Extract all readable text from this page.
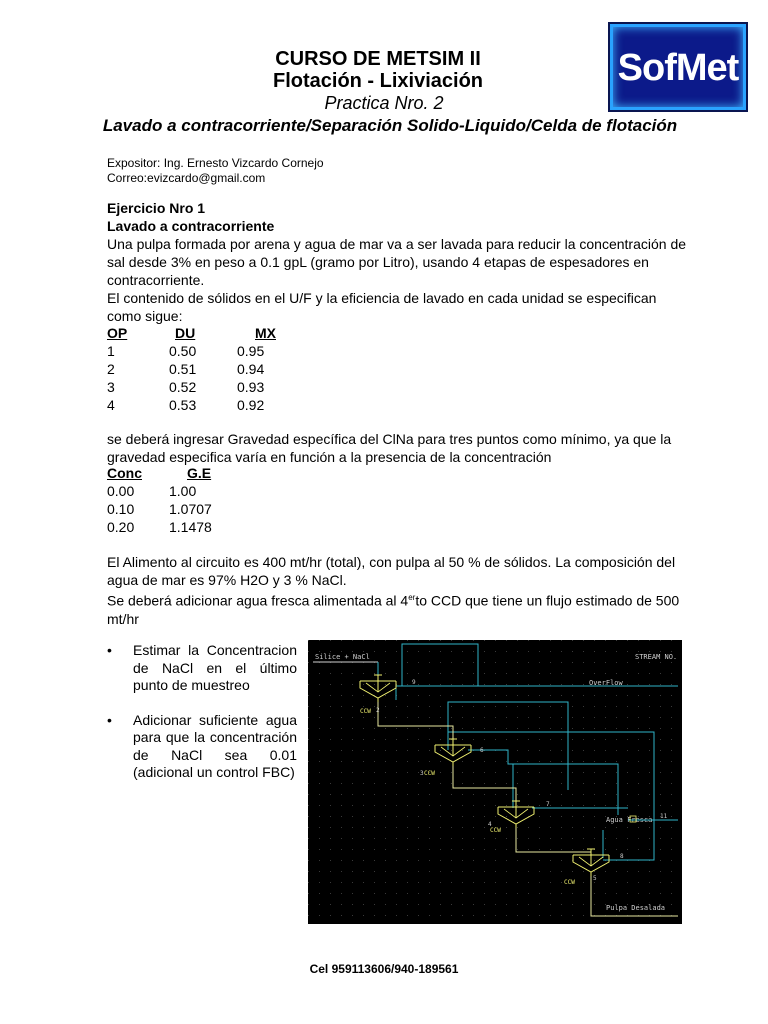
CURSO DE METSIM II
Flotación - Lixiviación
Practica Nro. 2
Lavado a contracorriente/Separación Solido-Liquido/Celda de flotación
SofMet
Expositor: Ing. Ernesto Vizcardo Cornejo
Correo:evizcardo@gmail.com
Ejercicio Nro 1
Lavado a contracorriente
Una pulpa formada por arena y agua de mar va a ser lavada para reducir la concentración de sal desde 3% en peso a 0.1 gpL (gramo por Litro), usando 4 etapas de espesadores en contracorriente.
El contenido de sólidos en el U/F y la eficiencia de lavado en cada unidad se especifican como sigue:
OP	DU	MX
1	0.50	0.95
2	0.51	0.94
3	0.52	0.93
4	0.53	0.92
se deberá ingresar Gravedad específica del ClNa para tres puntos como mínimo, ya que la gravedad especifica varía en función a la presencia de la concentración
Conc	G.E
0.00	1.00
0.10	1.0707
0.20	1.1478
El Alimento al circuito es 400 mt/hr (total), con pulpa al 50 % de sólidos. La composición del agua de mar es 97% H2O y 3 % NaCl.
Se deberá adicionar agua fresca alimentada al 4erto CCD que tiene un flujo estimado de 500 mt/hr
• Estimar la Concentracion de NaCl en el último punto de muestreo
• Adicionar suficiente agua para que la concentración de NaCl sea 0.01 (adicional un control FBC)
Silice + NaCl	STREAM NO.
OverFlow
Agua Fresca
Pulpa Desalada
CCW
CCW
CCW
CCW
2
3
4
5
6
7
8
9
11
Cel 959113606/940-189561
